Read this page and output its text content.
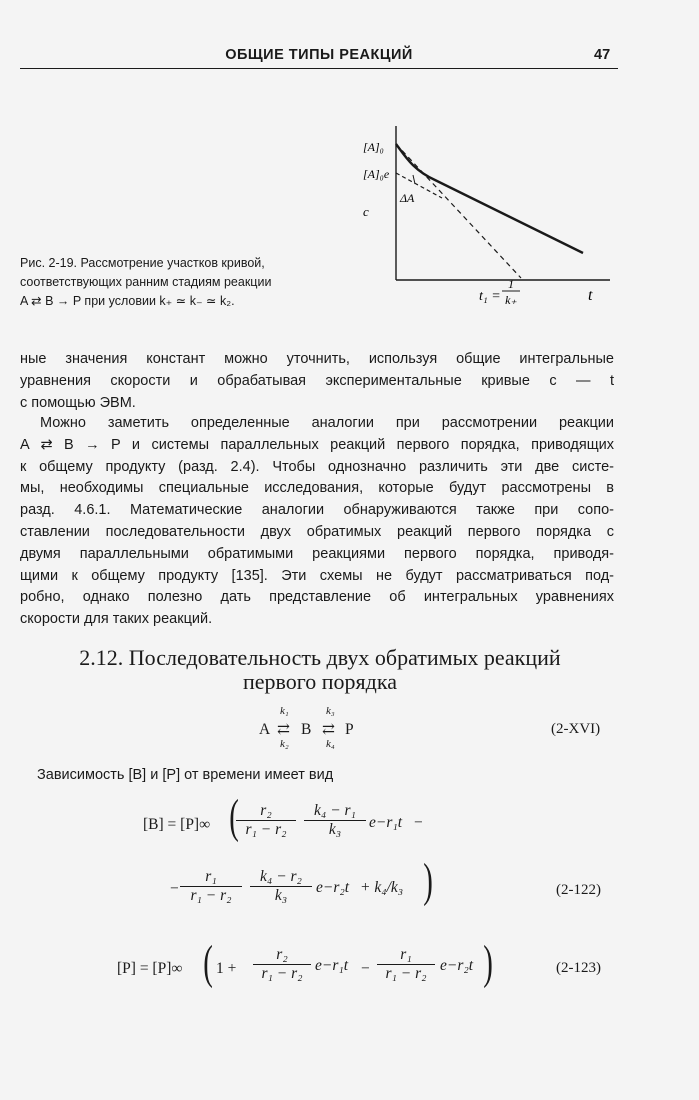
ОБЩИЕ ТИПЫ РЕАКЦИЙ	47
[A]₀
[A]₀e
ΔA
c
t₁ =
1
k₊	t
Рис. 2-19. Рассмотрение участков кривой,
соответствующих ранним стадиям реакции
A ⇄ B → P при условии k₊ ≃ k₋ ≃ k₂.
ные значения констант можно уточнить, используя общие интегральные
уравнения скорости и обрабатывая экспериментальные кривые c — t
с помощью ЭВМ.
Можно заметить определенные аналогии при рассмотрении реакции
A ⇄ B → P и системы параллельных реакций первого порядка, приводящих
к общему продукту (разд. 2.4). Чтобы однозначно различить эти две систе-
мы, необходимы специальные исследования, которые будут рассмотрены в
разд. 4.6.1. Математические аналогии обнаруживаются также при сопо-
ставлении последовательности двух обратимых реакций первого порядка с
двумя параллельными обратимыми реакциями первого порядка, приводя-
щими к общему продукту [135]. Эти схемы не будут рассматриваться под-
робно, однако полезно дать представление об интегральных уравнениях
скорости для таких реакций.
2.12. Последовательность двух обратимых реакций
первого порядка
k₁	k₃
A ⇄ B ⇄ P
k₂	k₄
(2-XVI)
Зависимость [B] и [P] от времени имеет вид
[B] = [P]∞ (	r₂
r₁ − r₂
k₄ − r₁
k₃	e−r₁t −
−
r₁
r₁ − r₂
k₄ − r₂
k₃	e−r₂t + k₄/k₃ )	(2-122)
[P] = [P]∞ ( 1 +
r₂
r₁ − r₂ e−r₁t −
r₁
r₁ − r₂ e−r₂t )	(2-123)
